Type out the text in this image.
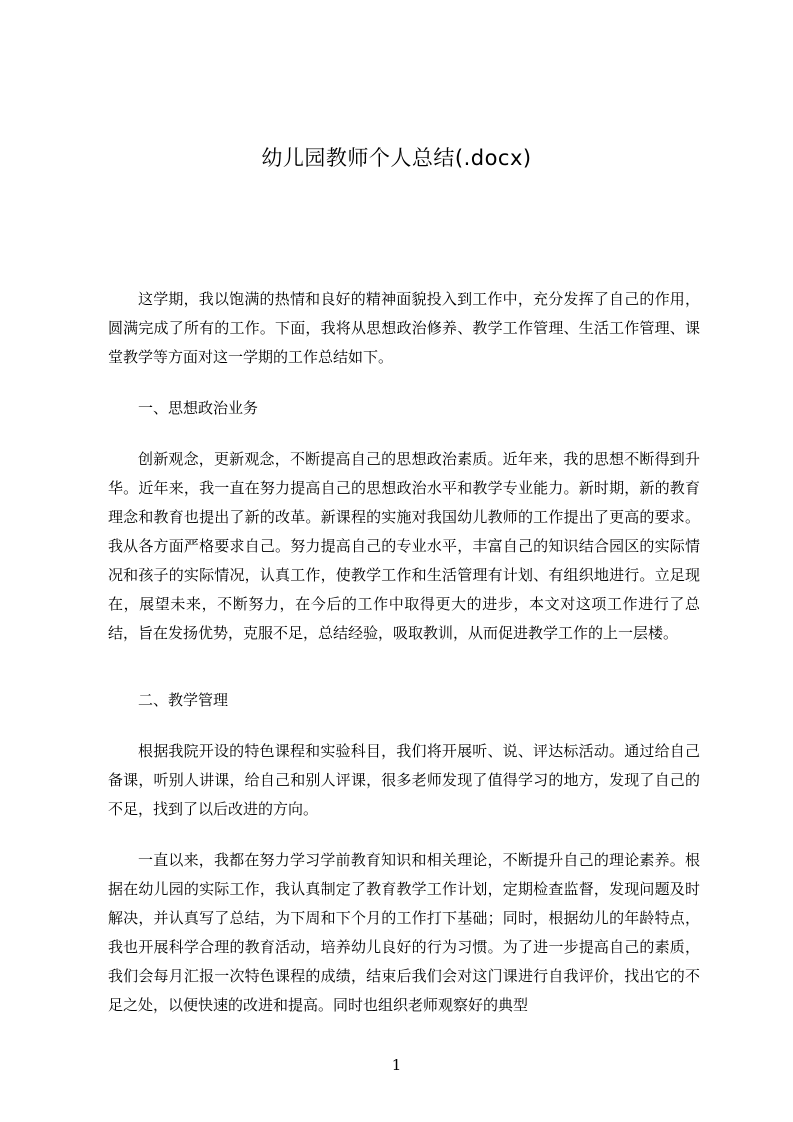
幼儿园教师个人总结(.docx)

这学期，我以饱满的热情和良好的精神面貌投入到工作中，充分发挥了自己的作用，圆满完成了所有的工作。下面，我将从思想政治修养、教学工作管理、生活工作管理、课堂教学等方面对这一学期的工作总结如下。

一、思想政治业务

创新观念，更新观念，不断提高自己的思想政治素质。近年来，我的思想不断得到升华。近年来，我一直在努力提高自己的思想政治水平和教学专业能力。新时期，新的教育理念和教育也提出了新的改革。新课程的实施对我国幼儿教师的工作提出了更高的要求。我从各方面严格要求自己。努力提高自己的专业水平，丰富自己的知识结合园区的实际情况和孩子的实际情况，认真工作，使教学工作和生活管理有计划、有组织地进行。立足现在，展望未来，不断努力，在今后的工作中取得更大的进步，本文对这项工作进行了总结，旨在发扬优势，克服不足，总结经验，吸取教训，从而促进教学工作的上一层楼。

二、教学管理

根据我院开设的特色课程和实验科目，我们将开展听、说、评达标活动。通过给自己备课，听别人讲课，给自己和别人评课，很多老师发现了值得学习的地方，发现了自己的不足，找到了以后改进的方向。

一直以来，我都在努力学习学前教育知识和相关理论，不断提升自己的理论素养。根据在幼儿园的实际工作，我认真制定了教育教学工作计划，定期检查监督，发现问题及时解决，并认真写了总结，为下周和下个月的工作打下基础；同时，根据幼儿的年龄特点，我也开展科学合理的教育活动，培养幼儿良好的行为习惯。为了进一步提高自己的素质，我们会每月汇报一次特色课程的成绩，结束后我们会对这门课进行自我评价，找出它的不足之处，以便快速的改进和提高。同时也组织老师观察好的典型

1
